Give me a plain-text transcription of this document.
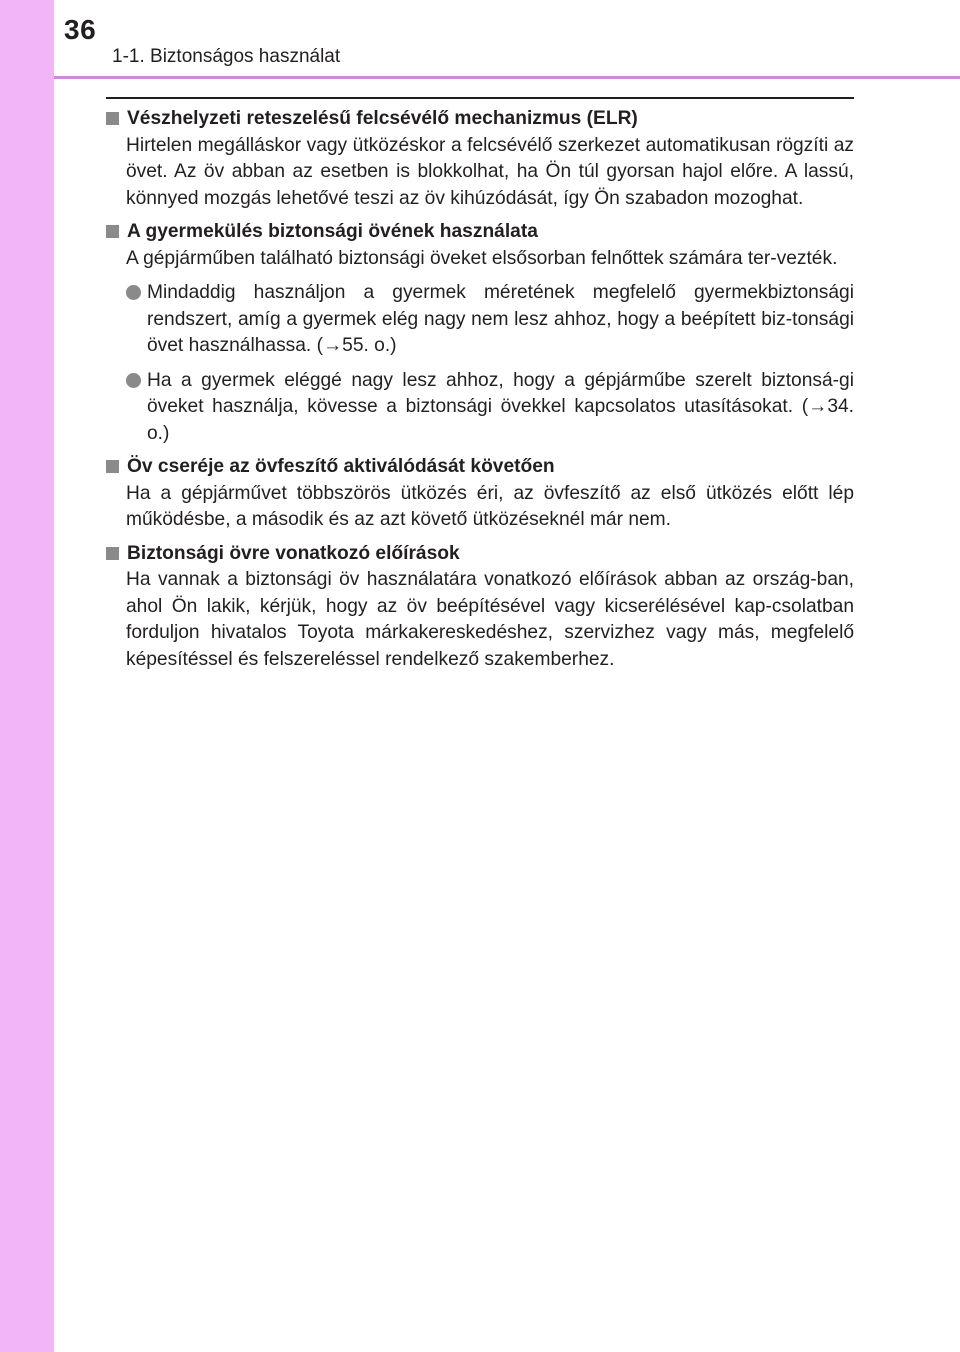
36
1-1. Biztonságos használat
Vészhelyzeti reteszelésű felcsévélő mechanizmus (ELR)

Hirtelen megálláskor vagy ütközéskor a felcsévélő szerkezet automatikusan rögzíti az övet. Az öv abban az esetben is blokkolhat, ha Ön túl gyorsan hajol előre. A lassú, könnyed mozgás lehetővé teszi az öv kihúzódását, így Ön szabadon mozoghat.

A gyermekülés biztonsági övének használata

A gépjárműben található biztonsági öveket elsősorban felnőttek számára ter-vezték.

Mindaddig használjon a gyermek méretének megfelelő gyermekbiztonsági rendszert, amíg a gyermek elég nagy nem lesz ahhoz, hogy a beépített biz-tonsági övet használhassa. (→55. o.)
Ha a gyermek eléggé nagy lesz ahhoz, hogy a gépjárműbe szerelt biztonsá-gi öveket használja, kövesse a biztonsági övekkel kapcsolatos utasításokat. (→34. o.)
Öv cseréje az övfeszítő aktiválódását követően

Ha a gépjárművet többszörös ütközés éri, az övfeszítő az első ütközés előtt lép működésbe, a második és az azt követő ütközéseknél már nem.

Biztonsági övre vonatkozó előírások

Ha vannak a biztonsági öv használatára vonatkozó előírások abban az ország-ban, ahol Ön lakik, kérjük, hogy az öv beépítésével vagy kicserélésével kap-csolatban forduljon hivatalos Toyota márkakereskedéshez, szervizhez vagy más, megfelelő képesítéssel és felszereléssel rendelkező szakemberhez.
